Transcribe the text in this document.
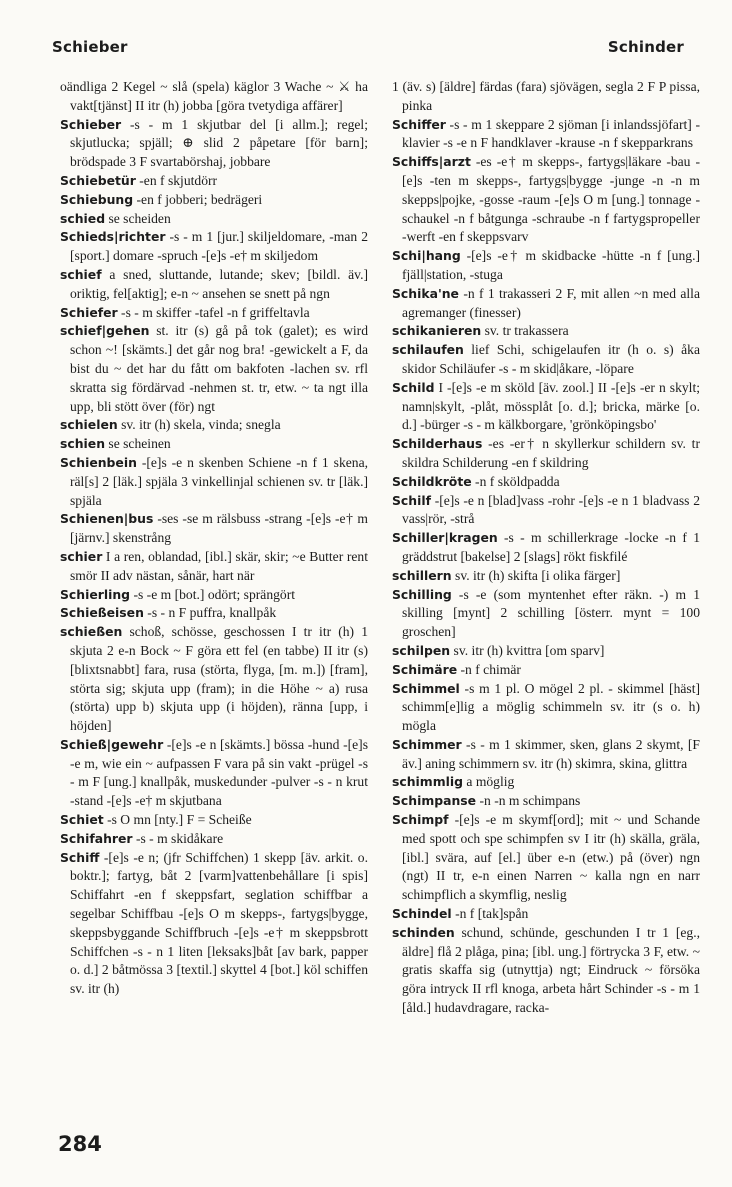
Schieber	Schinder

oändliga 2 Kegel ~ slå (spela) käglor 3 Wache ~ ⚔ ha vakt[tjänst] II itr (h) jobba [göra tvetydiga affärer]

Schieber -s - m 1 skjutbar del [i allm.]; regel; skjutlucka; spjäll; ⊕ slid 2 påpetare [för barn]; brödspade 3 F svartabörshaj, jobbare

Schiebetür -en f skjutdörr

Schiebung -en f jobberi; bedrägeri

schied se scheiden

Schieds|richter -s - m 1 [jur.] skiljeldomare, -man 2 [sport.] domare -spruch -[e]s -e† m skiljedom

schief a sned, sluttande, lutande; skev; [bildl. äv.] oriktig, fel[aktig]; e-n ~ ansehen se snett på ngn

Schiefer -s - m skiffer -tafel -n f griffeltavla

schief|gehen st. itr (s) gå på tok (galet); es wird schon ~! [skämts.] det går nog bra! -gewickelt a F, da bist du ~ det har du fått om bakfoten -lachen sv. rfl skratta sig fördärvad -nehmen st. tr, etw. ~ ta ngt illa upp, bli stött över (för) ngt

schielen sv. itr (h) skela, vinda; snegla

schien se scheinen

Schienbein -[e]s -e n skenben Schiene -n f 1 skena, räl[s] 2 [läk.] spjäla 3 vinkellinjal schienen sv. tr [läk.] spjäla

Schienen|bus -ses -se m rälsbuss -strang -[e]s -e† m [järnv.] skenstrång

schier I a ren, oblandad, [ibl.] skär, skir; ~e Butter rent smör II adv nästan, sånär, hart när

Schierling -s -e m [bot.] odört; sprängört

Schießeisen -s - n F puffra, knallpåk

schießen schoß, schösse, geschossen I tr itr (h) 1 skjuta 2 e-n Bock ~ F göra ett fel (en tabbe) II itr (s) [blixtsnabbt] fara, rusa (störta, flyga, [m. m.]) [fram], störta sig; skjuta upp (fram); in die Höhe ~ a) rusa (störta) upp b) skjuta upp (i höjden), ränna [upp, i höjden]

Schieß|gewehr -[e]s -e n [skämts.] bössa -hund -[e]s -e m, wie ein ~ aufpassen F vara på sin vakt -prügel -s - m F [ung.] knallpåk, muskedunder -pulver -s - n krut -stand -[e]s -e† m skjutbana

Schiet -s O mn [nty.] F = Scheiße

Schifahrer -s - m skidåkare

Schiff -[e]s -e n; (jfr Schiffchen) 1 skepp [äv. arkit. o. boktr.]; fartyg, båt 2 [varm]vattenbehållare [i spis] Schiffahrt -en f skeppsfart, seglation schiffbar a segelbar Schiffbau -[e]s O m skepps-, fartygs|bygge, skeppsbyggande Schiffbruch -[e]s -e† m skeppsbrott Schiffchen -s - n 1 liten [leksaks]båt [av bark, papper o. d.] 2 båtmössa 3 [textil.] skyttel 4 [bot.] köl schiffen sv. itr (h)

1 (äv. s) [äldre] färdas (fara) sjövägen, segla 2 F P pissa, pinka

Schiffer -s - m 1 skeppare 2 sjöman [i inlandssjöfart] -klavier -s -e n F handklaver -krause -n f skepparkrans

Schiffs|arzt -es -e† m skepps-, fartygs|läkare -bau -[e]s -ten m skepps-, fartygs|bygge -junge -n -n m skepps|pojke, -gosse -raum -[e]s O m [ung.] tonnage -schaukel -n f båtgunga -schraube -n f fartygspropeller -werft -en f skeppsvarv

Schi|hang -[e]s -e† m skidbacke -hütte -n f [ung.] fjäll|station, -stuga

Schika'ne -n f 1 trakasseri 2 F, mit allen ~n med alla agremanger (finesser)

schikanieren sv. tr trakassera

schilaufen lief Schi, schigelaufen itr (h o. s) åka skidor Schiläufer -s - m skid|åkare, -löpare

Schild I -[e]s -e m sköld [äv. zool.] II -[e]s -er n skylt; namn|skylt, -plåt, mössplåt [o. d.]; bricka, märke [o. d.] -bürger -s - m kälkborgare, 'grönköpingsbo'

Schilderhaus -es -er† n skyllerkur schildern sv. tr skildra Schilderung -en f skildring

Schildkröte -n f sköldpadda

Schilf -[e]s -e n [blad]vass -rohr -[e]s -e n 1 bladvass 2 vass|rör, -strå

Schiller|kragen -s - m schillerkrage -locke -n f 1 gräddstrut [bakelse] 2 [slags] rökt fiskfilé

schillern sv. itr (h) skifta [i olika färger]

Schilling -s -e (som myntenhet efter räkn. -) m 1 skilling [mynt] 2 schilling [österr. mynt = 100 groschen]

schilpen sv. itr (h) kvittra [om sparv]

Schimäre -n f chimär

Schimmel -s m 1 pl. O mögel 2 pl. - skimmel [häst] schimm[e]lig a möglig schimmeln sv. itr (s o. h) mögla

Schimmer -s - m 1 skimmer, sken, glans 2 skymt, [F äv.] aning schimmern sv. itr (h) skimra, skina, glittra

schimmlig a möglig

Schimpanse -n -n m schimpans

Schimpf -[e]s -e m skymf[ord]; mit ~ und Schande med spott och spe schimpfen sv I itr (h) skälla, gräla, [ibl.] svära, auf [el.] über e-n (etw.) på (över) ngn (ngt) II tr, e-n einen Narren ~ kalla ngn en narr schimpflich a skymflig, neslig

Schindel -n f [tak]spån

schinden schund, schünde, geschunden I tr 1 [eg., äldre] flå 2 plåga, pina; [ibl. ung.] förtrycka 3 F, etw. ~ gratis skaffa sig (utnyttja) ngt; Eindruck ~ försöka göra intryck II rfl knoga, arbeta hårt Schinder -s - m 1 [åld.] hudavdragare, racka-

284
